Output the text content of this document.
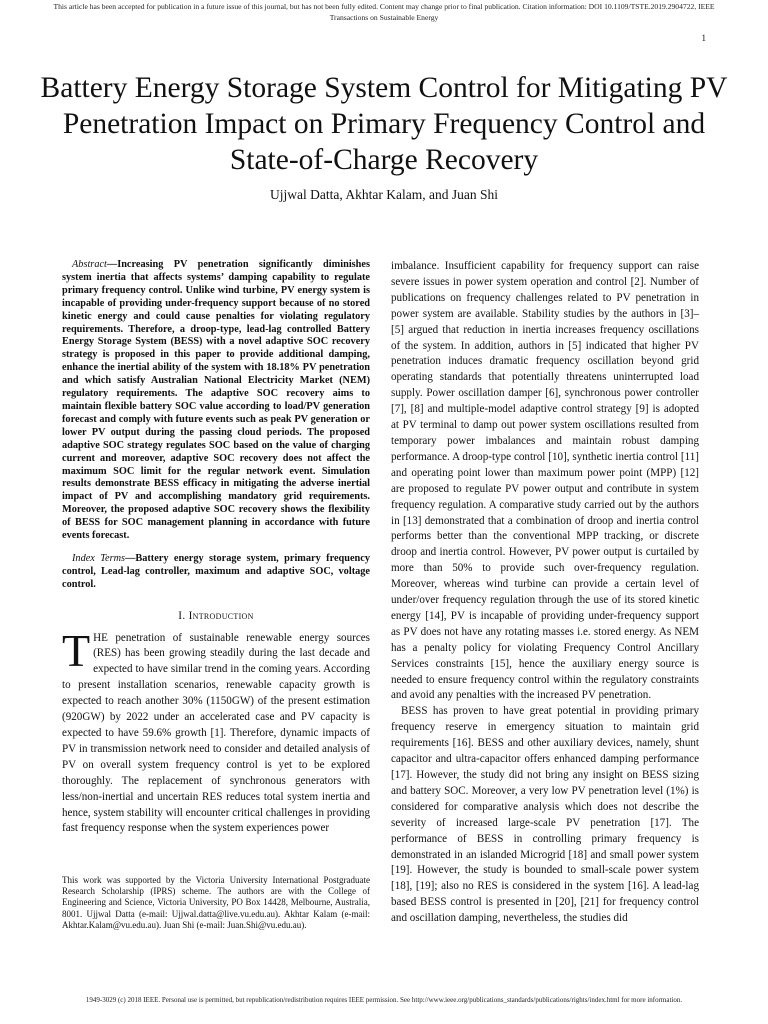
This article has been accepted for publication in a future issue of this journal, but has not been fully edited. Content may change prior to final publication. Citation information: DOI 10.1109/TSTE.2019.2904722, IEEE
Transactions on Sustainable Energy
1
Battery Energy Storage System Control for Mitigating PV Penetration Impact on Primary Frequency Control and State-of-Charge Recovery
Ujjwal Datta, Akhtar Kalam, and Juan Shi

Abstract—Increasing PV penetration significantly diminishes system inertia that affects systems’ damping capability to regulate primary frequency control. Unlike wind turbine, PV energy system is incapable of providing under-frequency support because of no stored kinetic energy and could cause penalties for violating regulatory requirements. Therefore, a droop-type, lead-lag controlled Battery Energy Storage System (BESS) with a novel adaptive SOC recovery strategy is proposed in this paper to provide additional damping, enhance the inertial ability of the system with 18.18% PV penetration and which satisfy Australian National Electricity Market (NEM) regulatory requirements. The adaptive SOC recovery aims to maintain flexible battery SOC value according to load/PV generation forecast and comply with future events such as peak PV generation or lower PV output during the passing cloud periods. The proposed adaptive SOC strategy regulates SOC based on the value of charging current and moreover, adaptive SOC recovery does not affect the maximum SOC limit for the regular network event. Simulation results demonstrate BESS efficacy in mitigating the adverse inertial impact of PV and accomplishing mandatory grid requirements. Moreover, the proposed adaptive SOC recovery shows the flexibility of BESS for SOC management planning in accordance with future events forecast.

Index Terms—Battery energy storage system, primary frequency control, Lead-lag controller, maximum and adaptive SOC, voltage control.

I. Introduction

THE penetration of sustainable renewable energy sources (RES) has been growing steadily during the last decade and expected to have similar trend in the coming years. According to present installation scenarios, renewable capacity growth is expected to reach another 30% (1150GW) of the present estimation (920GW) by 2022 under an accelerated case and PV capacity is expected to have 59.6% growth [1]. Therefore, dynamic impacts of PV in transmission network need to consider and detailed analysis of PV on overall system frequency control is yet to be explored thoroughly. The replacement of synchronous generators with less/non-inertial and uncertain RES reduces total system inertia and hence, system stability will encounter critical challenges in providing fast frequency response when the system experiences power

This work was supported by the Victoria University International Postgraduate Research Scholarship (IPRS) scheme. The authors are with the College of Engineering and Science, Victoria University, PO Box 14428, Melbourne, Australia, 8001. Ujjwal Datta (e-mail: Ujjwal.datta@live.vu.edu.au). Akhtar Kalam (e-mail: Akhtar.Kalam@vu.edu.au). Juan Shi (e-mail: Juan.Shi@vu.edu.au).

imbalance. Insufficient capability for frequency support can raise severe issues in power system operation and control [2]. Number of publications on frequency challenges related to PV penetration in power system are available. Stability studies by the authors in [3]–[5] argued that reduction in inertia increases frequency oscillations of the system. In addition, authors in [5] indicated that higher PV penetration induces dramatic frequency oscillation beyond grid operating standards that potentially threatens uninterrupted load supply. Power oscillation damper [6], synchronous power controller [7], [8] and multiple-model adaptive control strategy [9] is adopted at PV terminal to damp out power system oscillations resulted from temporary power imbalances and maintain robust damping performance. A droop-type control [10], synthetic inertia control [11] and operating point lower than maximum power point (MPP) [12] are proposed to regulate PV power output and contribute in system frequency regulation. A comparative study carried out by the authors in [13] demonstrated that a combination of droop and inertia control performs better than the conventional MPP tracking, or discrete droop and inertia control. However, PV power output is curtailed by more than 50% to provide such over-frequency regulation. Moreover, whereas wind turbine can provide a certain level of under/over frequency regulation through the use of its stored kinetic energy [14], PV is incapable of providing under-frequency support as PV does not have any rotating masses i.e. stored energy. As NEM has a penalty policy for violating Frequency Control Ancillary Services constraints [15], hence the auxiliary energy source is needed to ensure frequency control within the regulatory constraints and avoid any penalties with the increased PV penetration.

BESS has proven to have great potential in providing primary frequency reserve in emergency situation to maintain grid requirements [16]. BESS and other auxiliary devices, namely, shunt capacitor and ultra-capacitor offers enhanced damping performance [17]. However, the study did not bring any insight on BESS sizing and battery SOC. Moreover, a very low PV penetration level (1%) is considered for comparative analysis which does not describe the severity of increased large-scale PV penetration [17]. The performance of BESS in controlling primary frequency is demonstrated in an islanded Microgrid [18] and small power system [19]. However, the study is bounded to small-scale power system [18], [19]; also no RES is considered in the system [16]. A lead-lag based BESS control is presented in [20], [21] for frequency control and oscillation damping, nevertheless, the studies did

1949-3029 (c) 2018 IEEE. Personal use is permitted, but republication/redistribution requires IEEE permission. See http://www.ieee.org/publications_standards/publications/rights/index.html for more information.
